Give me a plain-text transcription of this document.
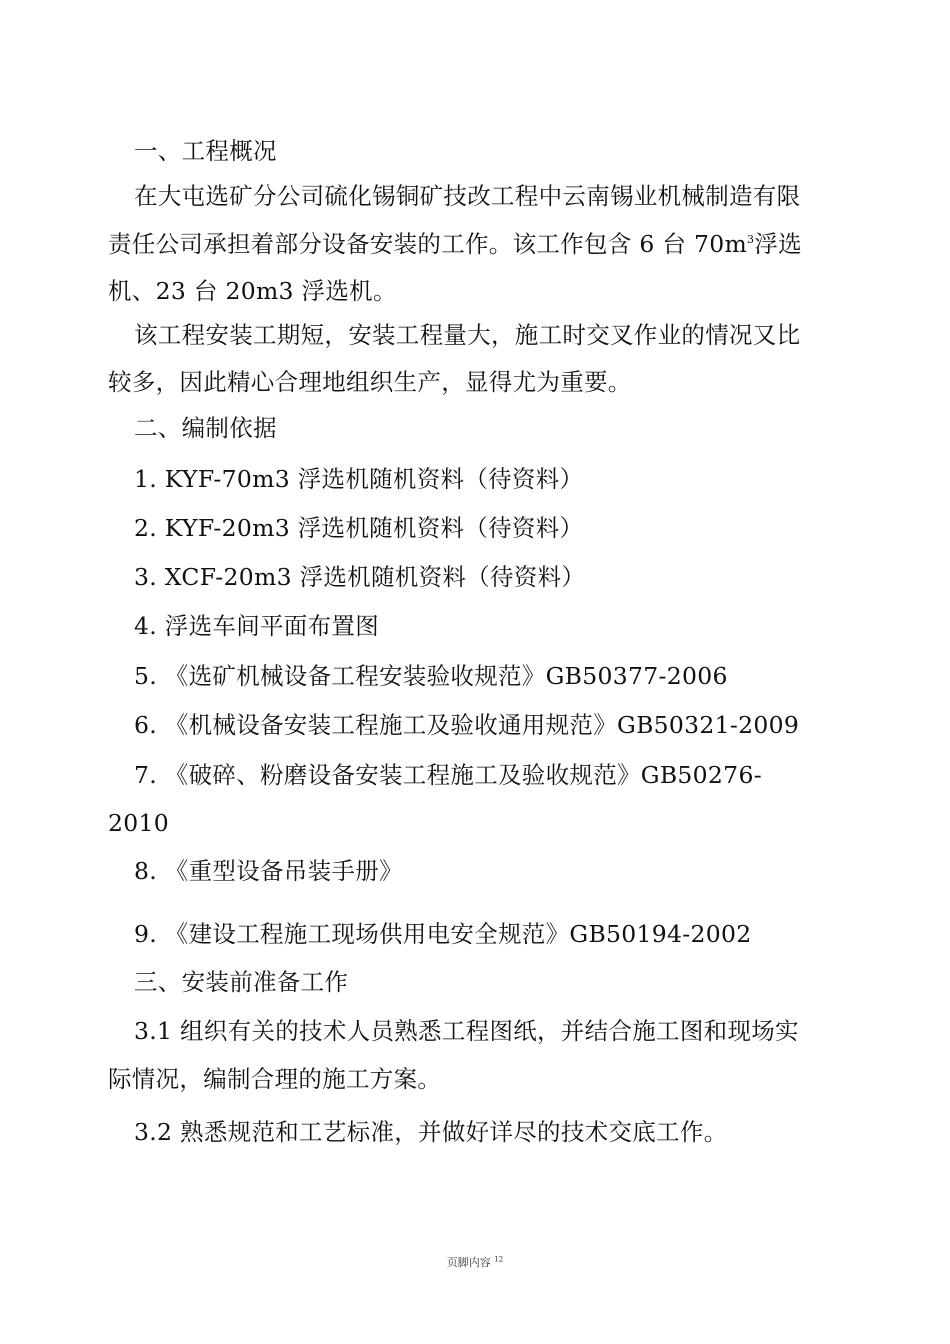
一、工程概况
在大屯选矿分公司硫化锡铜矿技改工程中云南锡业机械制造有限
责任公司承担着部分设备安装的工作。该工作包含 6 台 $70m^3$浮选
机、23 台 20m3 浮选机。
该工程安装工期短，安装工程量大，施工时交叉作业的情况又比
较多，因此精心合理地组织生产，显得尤为重要。
二、编制依据
1. KYF-70m3 浮选机随机资料（待资料）
2. KYF-20m3 浮选机随机资料（待资料）
3. XCF-20m3 浮选机随机资料（待资料）
4. 浮选车间平面布置图
5. 《选矿机械设备工程安装验收规范》GB50377-2006
6. 《机械设备安装工程施工及验收通用规范》GB50321-2009
7. 《破碎、粉磨设备安装工程施工及验收规范》GB50276-
2010
8. 《重型设备吊装手册》
9. 《建设工程施工现场供用电安全规范》GB50194-2002
三、安装前准备工作
3.1 组织有关的技术人员熟悉工程图纸，并结合施工图和现场实
际情况，编制合理的施工方案。
3.2 熟悉规范和工艺标准，并做好详尽的技术交底工作。
页脚内容 $^{12}$
